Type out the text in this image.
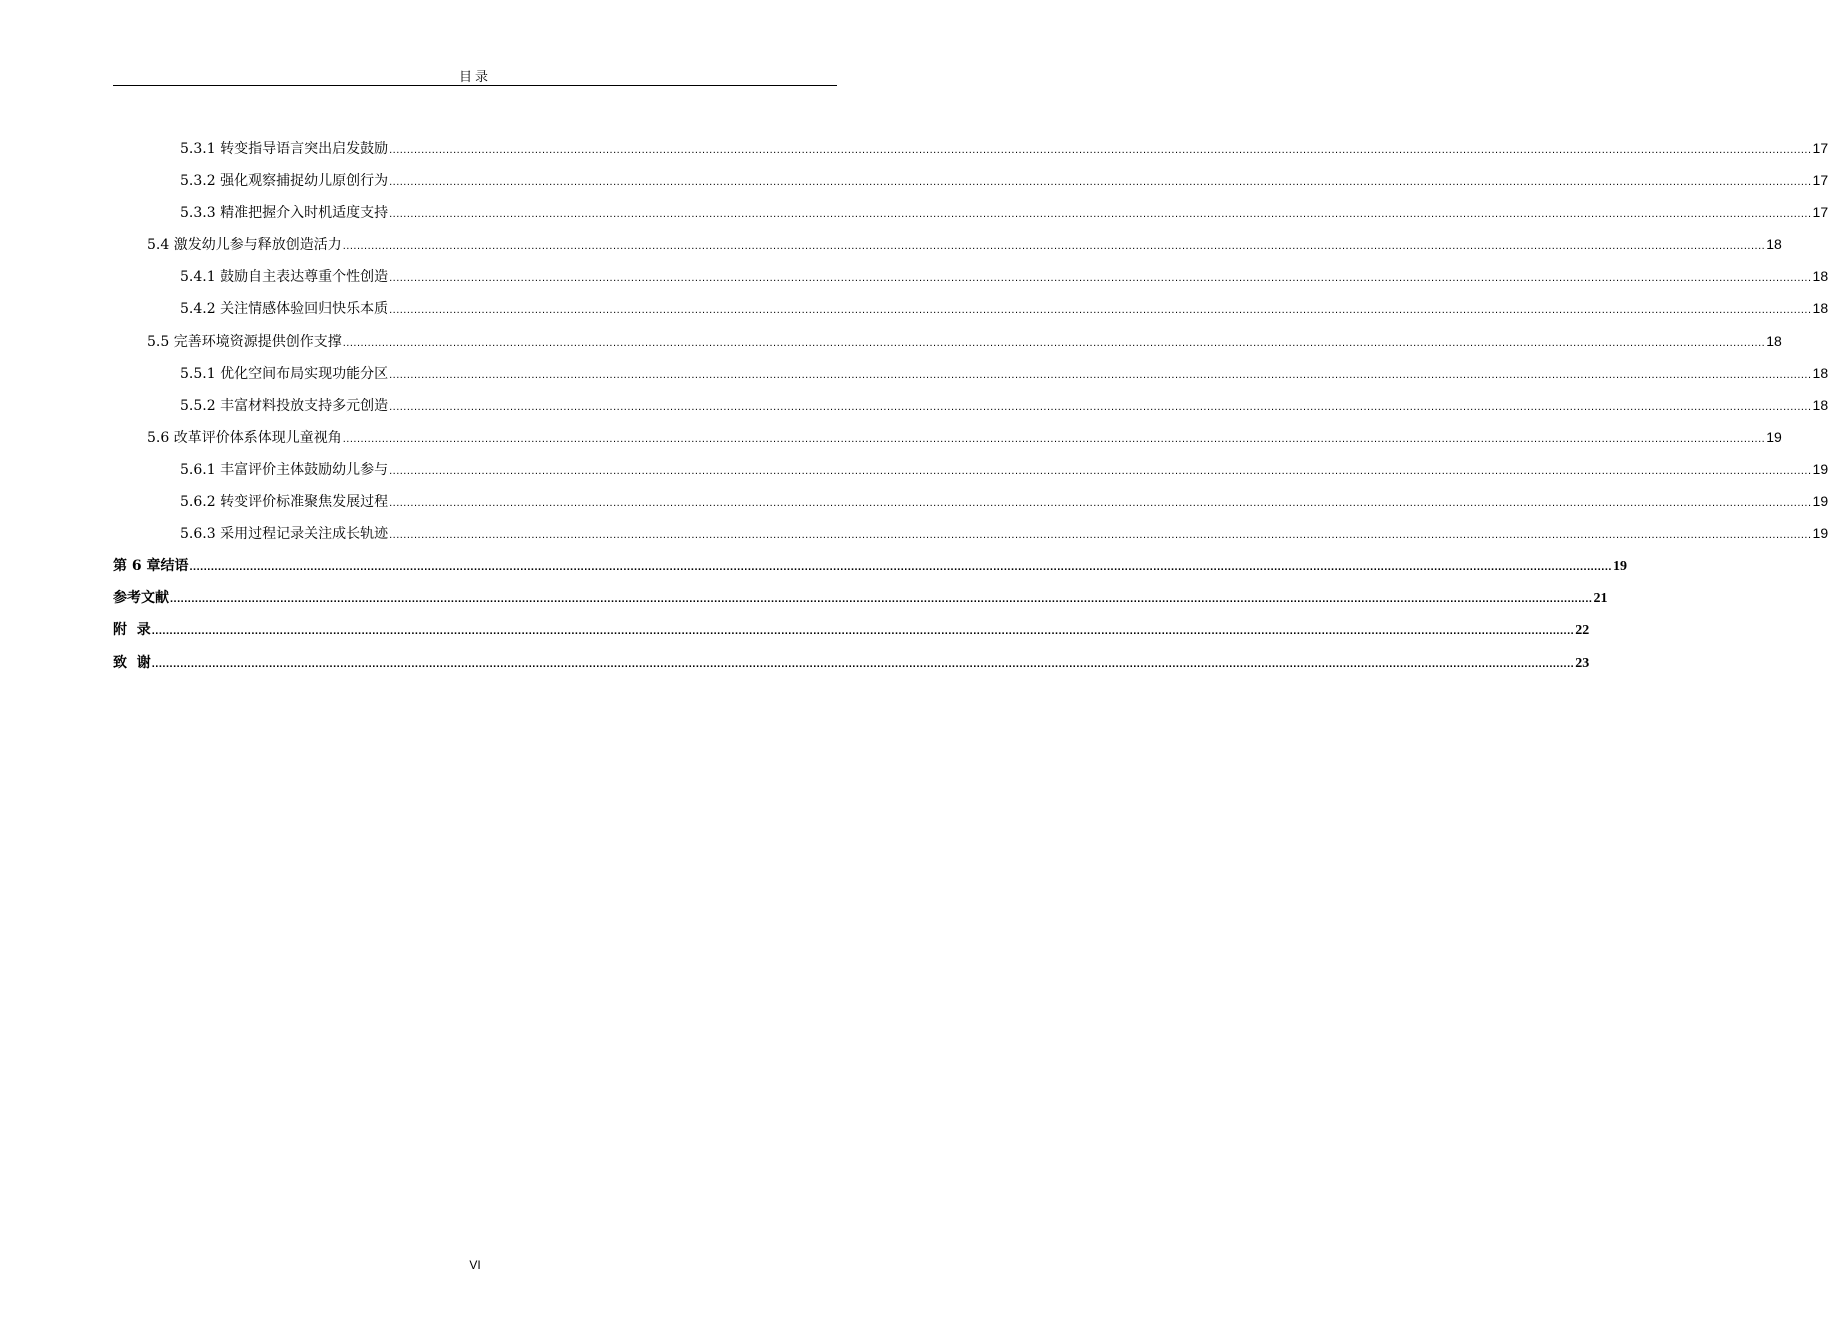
目录
5.3.1 转变指导语言突出启发鼓励 ................................................................................................................................................................................................................................................................................................................................................................................................................ 17
5.3.2 强化观察捕捉幼儿原创行为 ................................................................................................................................................................................................................................................................................................................................................................................................................ 17
5.3.3 精准把握介入时机适度支持 ................................................................................................................................................................................................................................................................................................................................................................................................................ 17
5.4 激发幼儿参与释放创造活力 ................................................................................................................................................................................................................................................................................................................................................................................................................ 18
5.4.1 鼓励自主表达尊重个性创造 ................................................................................................................................................................................................................................................................................................................................................................................................................ 18
5.4.2 关注情感体验回归快乐本质 ................................................................................................................................................................................................................................................................................................................................................................................................................ 18
5.5 完善环境资源提供创作支撑 ................................................................................................................................................................................................................................................................................................................................................................................................................ 18
5.5.1 优化空间布局实现功能分区 ................................................................................................................................................................................................................................................................................................................................................................................................................ 18
5.5.2 丰富材料投放支持多元创造 ................................................................................................................................................................................................................................................................................................................................................................................................................ 18
5.6 改革评价体系体现儿童视角 ................................................................................................................................................................................................................................................................................................................................................................................................................ 19
5.6.1 丰富评价主体鼓励幼儿参与 ................................................................................................................................................................................................................................................................................................................................................................................................................ 19
5.6.2 转变评价标准聚焦发展过程 ................................................................................................................................................................................................................................................................................................................................................................................................................ 19
5.6.3 采用过程记录关注成长轨迹 ................................................................................................................................................................................................................................................................................................................................................................................................................ 19
第 6 章结语 ................................................................................................................................................................................................................................................................................................................................................................................................................ 19
参考文献 ................................................................................................................................................................................................................................................................................................................................................................................................................ 21
附  录 ................................................................................................................................................................................................................................................................................................................................................................................................................ 22
致  谢 ................................................................................................................................................................................................................................................................................................................................................................................................................ 23
VI
